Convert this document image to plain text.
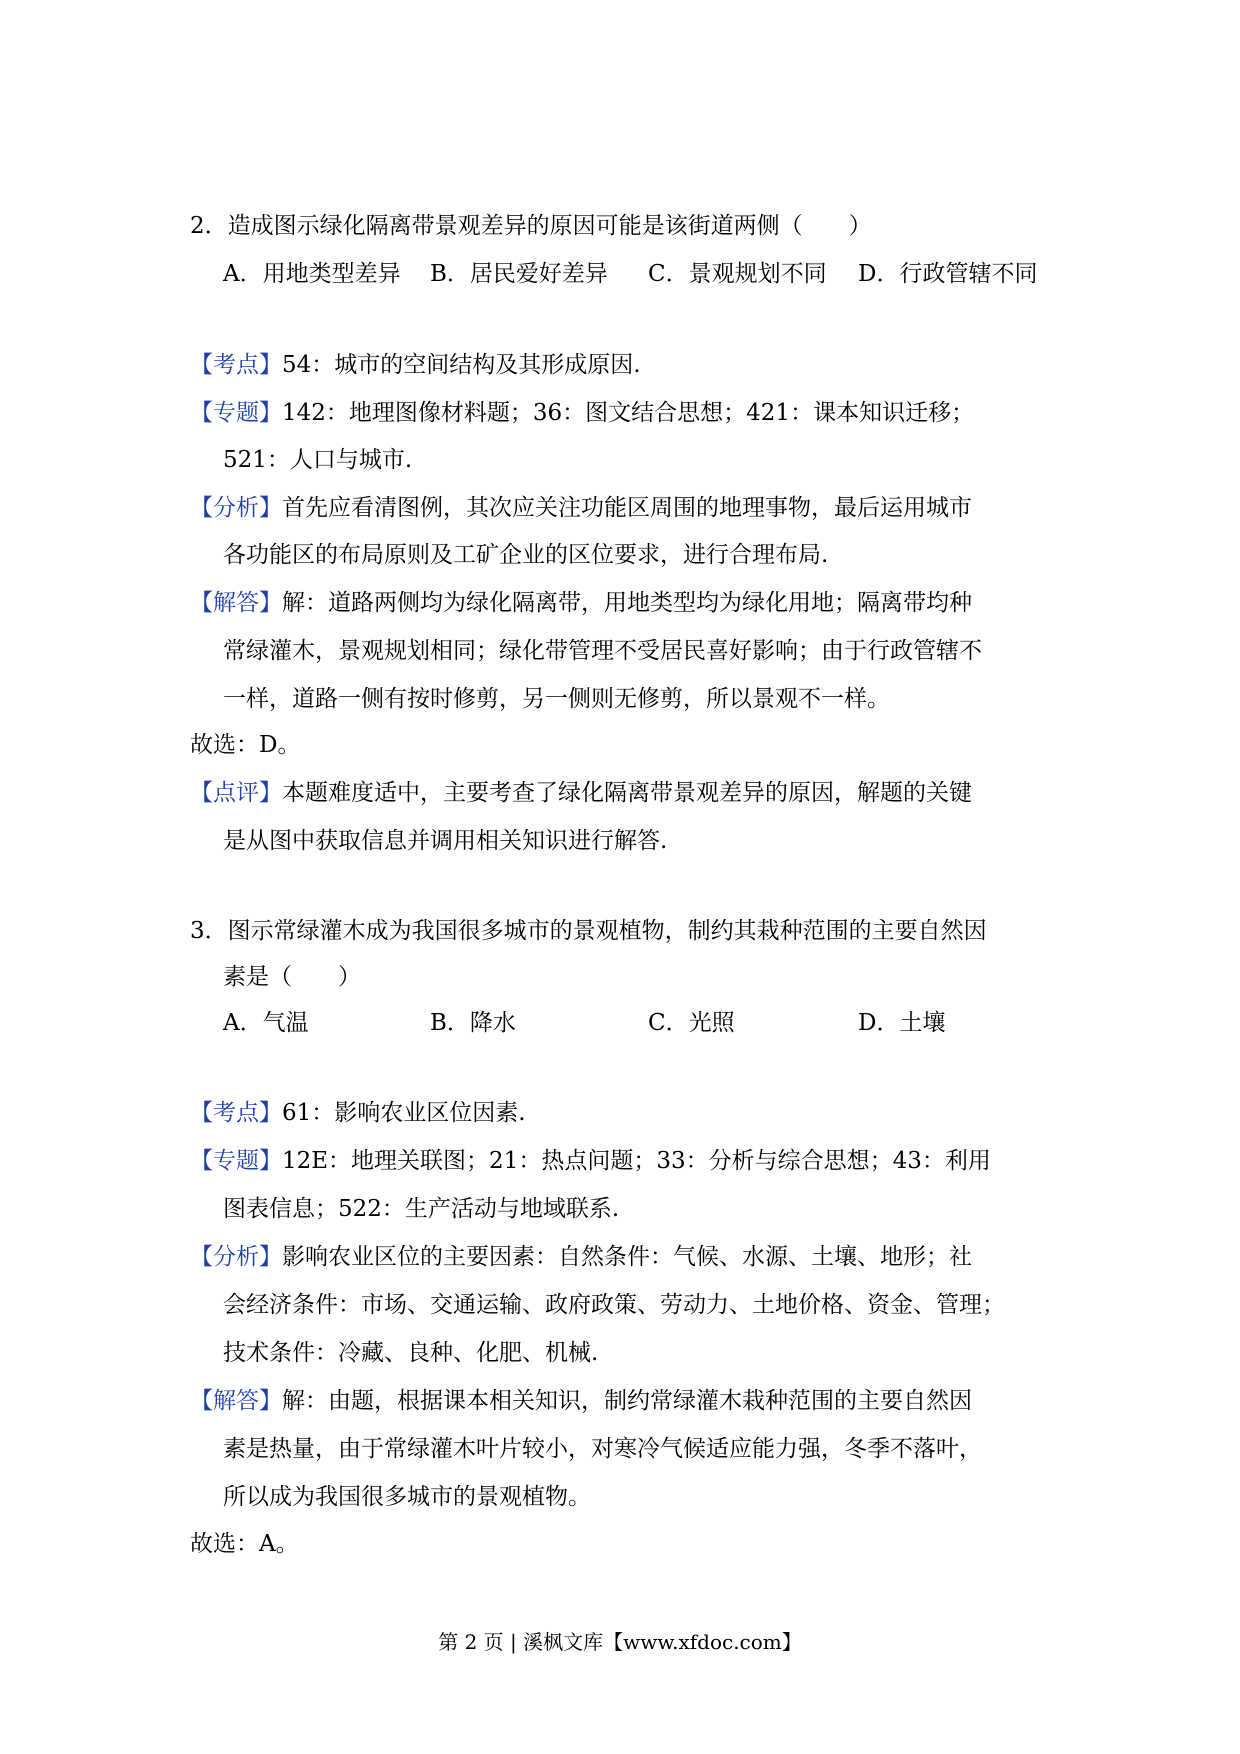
2．造成图示绿化隔离带景观差异的原因可能是该街道两侧（　　）
A．用地类型差异 B．居民爱好差异 C．景观规划不同 D．行政管辖不同
【考点】54：城市的空间结构及其形成原因.
【专题】142：地理图像材料题；36：图文结合思想；421：课本知识迁移；
521：人口与城市.
【分析】首先应看清图例，其次应关注功能区周围的地理事物，最后运用城市
各功能区的布局原则及工矿企业的区位要求，进行合理布局.
【解答】解：道路两侧均为绿化隔离带，用地类型均为绿化用地；隔离带均种
常绿灌木，景观规划相同；绿化带管理不受居民喜好影响；由于行政管辖不
一样，道路一侧有按时修剪，另一侧则无修剪，所以景观不一样。
故选：D。
【点评】本题难度适中，主要考查了绿化隔离带景观差异的原因，解题的关键
是从图中获取信息并调用相关知识进行解答.
3．图示常绿灌木成为我国很多城市的景观植物，制约其栽种范围的主要自然因
素是（　　）
A．气温	B．降水	C．光照	D．土壤
【考点】61：影响农业区位因素.
【专题】12E：地理关联图；21：热点问题；33：分析与综合思想；43：利用
图表信息；522：生产活动与地域联系.
【分析】影响农业区位的主要因素：自然条件：气候、水源、土壤、地形；社
会经济条件：市场、交通运输、政府政策、劳动力、土地价格、资金、管理；
技术条件：冷藏、良种、化肥、机械.
【解答】解：由题，根据课本相关知识，制约常绿灌木栽种范围的主要自然因
素是热量，由于常绿灌木叶片较小，对寒冷气候适应能力强，冬季不落叶，
所以成为我国很多城市的景观植物。
故选：A。
第 2 页 | 溪枫文库【www.xfdoc.com】
